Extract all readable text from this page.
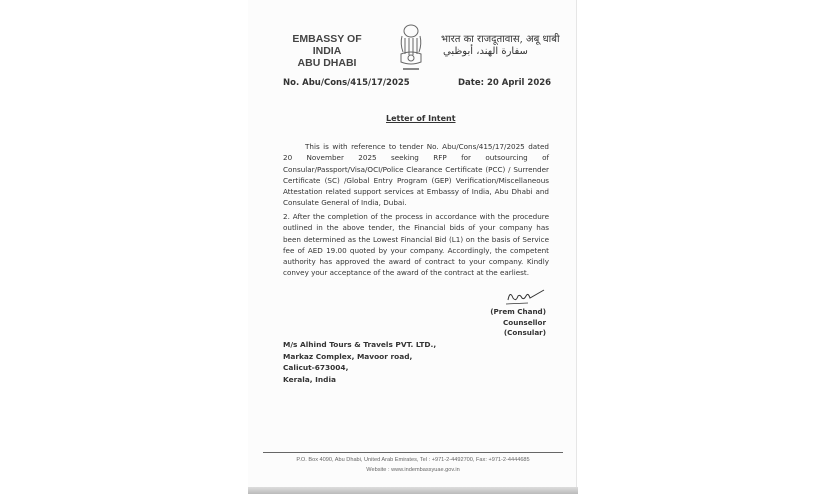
EMBASSY OF INDIA
ABU DHABI
भारत का राजदूतावास, अबू धाबी
سفارة الهند، أبوظبي
No. Abu/Cons/415/17/2025	Date: 20 April 2026
Letter of Intent
This is with reference to tender No. Abu/Cons/415/17/2025 dated 20 November 2025 seeking RFP for outsourcing of Consular/Passport/Visa/OCI/Police Clearance Certificate (PCC) / Surrender Certificate (SC) /Global Entry Program (GEP) Verification/Miscellaneous Attestation related support services at Embassy of India, Abu Dhabi and Consulate General of India, Dubai.
2. After the completion of the process in accordance with the procedure outlined in the above tender, the Financial bids of your company has been determined as the Lowest Financial Bid (L1) on the basis of Service fee of AED 19.00 quoted by your company. Accordingly, the competent authority has approved the award of contract to your company. Kindly convey your acceptance of the award of the contract at the earliest.
(Prem Chand)
Counsellor (Consular)
M/s Alhind Tours & Travels PVT. LTD.,
Markaz Complex, Mavoor road,
Calicut-673004,
Kerala, India
P.O. Box 4090, Abu Dhabi, United Arab Emirates, Tel : +971-2-4492700, Fax: +971-2-4444685
Website : www.indembassyuae.gov.in
